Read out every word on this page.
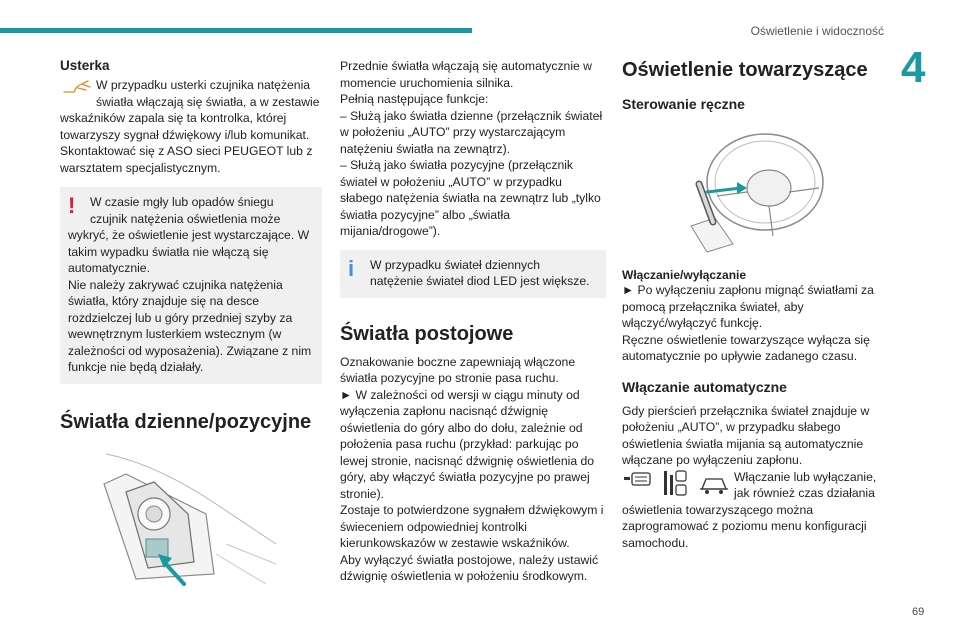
Oświetlenie i widoczność
4
69
Usterka

W przypadku usterki czujnika natężenia światła włączają się światła, a w zestawie wskaźników zapala się ta kontrolka, której towarzyszy sygnał dźwiękowy i/lub komunikat.

Skontaktować się z ASO sieci PEUGEOT lub z warsztatem specjalistycznym.

!	W czasie mgły lub opadów śniegu
czujnik natężenia oświetlenia może
wykryć, że oświetlenie jest wystarczające. W takim wypadku światła nie włączą się automatycznie.

Nie należy zakrywać czujnika natężenia światła, który znajduje się na desce rozdzielczej lub u góry przedniej szyby za wewnętrznym lusterkiem wstecznym (w zależności od wyposażenia). Związane z nim funkcje nie będą działały.

Światła dzienne/pozycyjne

Przednie światła włączają się automatycznie w momencie uruchomienia silnika.

Pełnią następujące funkcje:

– Służą jako światła dzienne (przełącznik świateł w położeniu „AUTO” przy wystarczającym natężeniu światła na zewnątrz).

– Służą jako światła pozycyjne (przełącznik świateł w położeniu „AUTO” w przypadku słabego natężenia światła na zewnątrz lub „tylko światła pozycyjne” albo „światła mijania/drogowe”).

i	W przypadku świateł dziennych
natężenie świateł diod LED jest większe.

Światła postojowe

Oznakowanie boczne zapewniają włączone światła pozycyjne po stronie pasa ruchu.

► W zależności od wersji w ciągu minuty od wyłączenia zapłonu nacisnąć dźwignię oświetlenia do góry albo do dołu, zależnie od położenia pasa ruchu (przykład: parkując po lewej stronie, nacisnąć dźwignię oświetlenia do góry, aby włączyć światła pozycyjne po prawej stronie).

Zostaje to potwierdzone sygnałem dźwiękowym i świeceniem odpowiedniej kontrolki kierunkowskazów w zestawie wskaźników.

Aby wyłączyć światła postojowe, należy ustawić dźwignię oświetlenia w położeniu środkowym.

Oświetlenie towarzyszące
Sterowanie ręczne
Włączanie/wyłączanie

► Po wyłączeniu zapłonu mignąć światłami za pomocą przełącznika świateł, aby włączyć/wyłączyć funkcję.

Ręczne oświetlenie towarzyszące wyłącza się automatycznie po upływie zadanego czasu.

Włączanie automatyczne

Gdy pierścień przełącznika świateł znajduje w położeniu „AUTO”, w przypadku słabego oświetlenia światła mijania są automatycznie włączane po wyłączeniu zapłonu.

Włączanie lub wyłączanie, jak również czas działania oświetlenia towarzyszącego można zaprogramować z poziomu menu konfiguracji samochodu.
